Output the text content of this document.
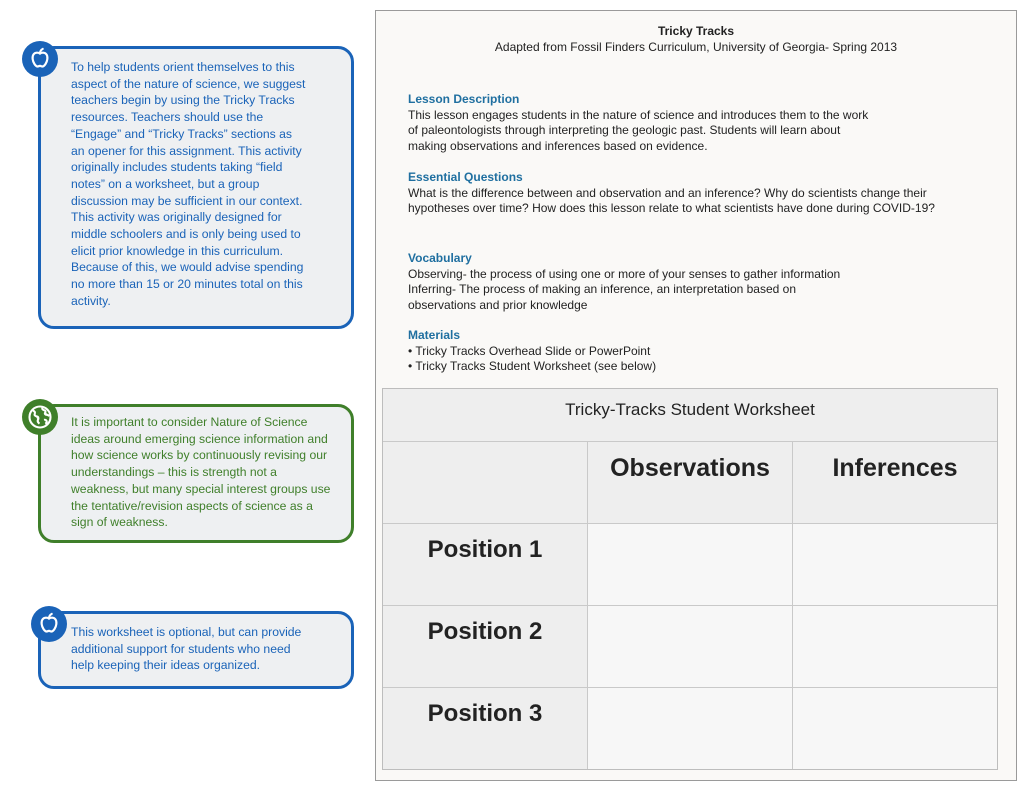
To help students orient themselves to this
aspect of the nature of science, we suggest
teachers begin by using the Tricky Tracks
resources. Teachers should use the
“Engage” and “Tricky Tracks” sections as
an opener for this assignment. This activity
originally includes students taking “field
notes” on a worksheet, but a group
discussion may be sufficient in our context.
This activity was originally designed for
middle schoolers and is only being used to
elicit prior knowledge in this curriculum.
Because of this, we would advise spending
no more than 15 or 20 minutes total on this
activity.
It is important to consider Nature of Science
ideas around emerging science information and
how science works by continuously revising our
understandings – this is strength not a
weakness, but many special interest groups use
the tentative/revision aspects of science as a
sign of weakness.
This worksheet is optional, but can provide
additional support for students who need
help keeping their ideas organized.
Tricky Tracks
Adapted from Fossil Finders Curriculum, University of Georgia- Spring 2013
Lesson Description
This lesson engages students in the nature of science and introduces them to the work
of paleontologists through interpreting the geologic past. Students will learn about
making observations and inferences based on evidence.
Essential Questions
What is the difference between and observation and an inference? Why do scientists change their
hypotheses over time? How does this lesson relate to what scientists have done during COVID-19?
Vocabulary
Observing- the process of using one or more of your senses to gather information
Inferring- The process of making an inference, an interpretation based on
observations and prior knowledge
Materials
• Tricky Tracks Overhead Slide or PowerPoint
• Tricky Tracks Student Worksheet (see below)
Tricky-Tracks Student Worksheet
Observations	Inferences
Position 1
Position 2
Position 3
